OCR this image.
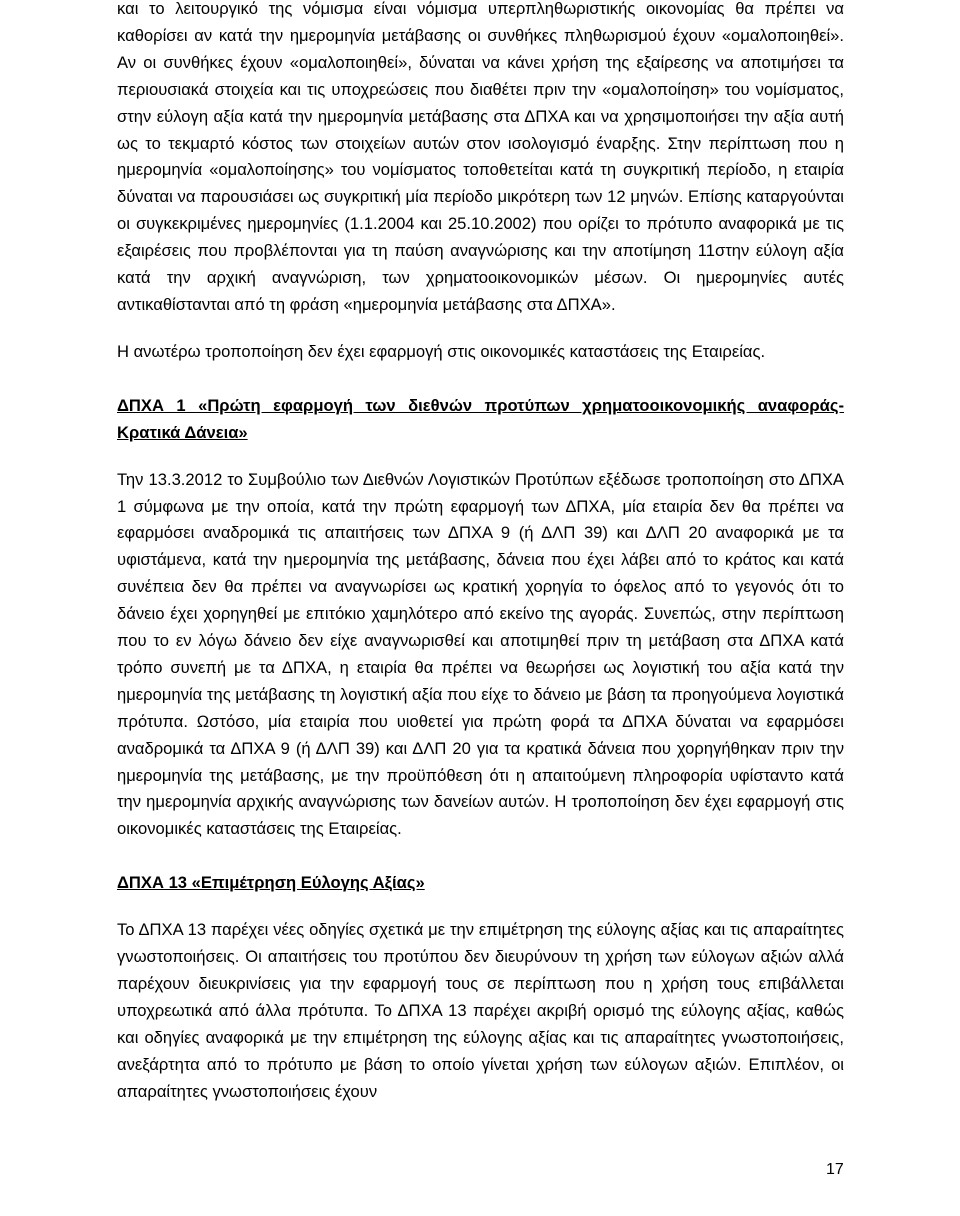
και το λειτουργικό της νόμισμα είναι νόμισμα υπερπληθωριστικής οικονομίας θα πρέπει να καθορίσει αν κατά την ημερομηνία μετάβασης οι συνθήκες πληθωρισμού έχουν «ομαλοποιηθεί». Αν οι συνθήκες έχουν «ομαλοποιηθεί», δύναται να κάνει χρήση της εξαίρεσης να αποτιμήσει τα περιουσιακά στοιχεία και τις υποχρεώσεις που διαθέτει πριν την «ομαλοποίηση» του νομίσματος, στην εύλογη αξία κατά την ημερομηνία μετάβασης στα ΔΠΧΑ και να χρησιμοποιήσει την αξία αυτή ως το τεκμαρτό κόστος των στοιχείων αυτών στον ισολογισμό έναρξης. Στην περίπτωση που η ημερομηνία «ομαλοποίησης» του νομίσματος τοποθετείται κατά τη συγκριτική περίοδο, η εταιρία δύναται να παρουσιάσει ως συγκριτική μία περίοδο μικρότερη των 12 μηνών. Επίσης καταργούνται οι συγκεκριμένες ημερομηνίες (1.1.2004 και 25.10.2002) που ορίζει το πρότυπο αναφορικά με τις εξαιρέσεις που προβλέπονται για τη παύση αναγνώρισης και την αποτίμηση 11στην εύλογη αξία κατά την αρχική αναγνώριση, των χρηματοοικονομικών μέσων. Οι ημερομηνίες αυτές αντικαθίστανται από τη φράση «ημερομηνία μετάβασης στα ΔΠΧΑ».

Η ανωτέρω τροποποίηση δεν έχει εφαρμογή στις οικονομικές καταστάσεις της Εταιρείας.

ΔΠΧΑ 1 «Πρώτη εφαρμογή των διεθνών προτύπων χρηματοοικονομικής αναφοράς- Κρατικά Δάνεια»

Την 13.3.2012 το Συμβούλιο των Διεθνών Λογιστικών Προτύπων εξέδωσε τροποποίηση στο ΔΠΧΑ 1 σύμφωνα με την οποία, κατά την πρώτη εφαρμογή των ΔΠΧΑ, μία εταιρία δεν θα πρέπει να εφαρμόσει αναδρομικά τις απαιτήσεις των ΔΠΧΑ 9 (ή ΔΛΠ 39) και ΔΛΠ 20 αναφορικά με τα υφιστάμενα, κατά την ημερομηνία της μετάβασης, δάνεια που έχει λάβει από το κράτος και κατά συνέπεια δεν θα πρέπει να αναγνωρίσει ως κρατική χορηγία το όφελος από το γεγονός ότι το δάνειο έχει χορηγηθεί με επιτόκιο χαμηλότερο από εκείνο της αγοράς. Συνεπώς, στην περίπτωση που το εν λόγω δάνειο δεν είχε αναγνωρισθεί και αποτιμηθεί πριν τη μετάβαση στα ΔΠΧΑ κατά τρόπο συνεπή με τα ΔΠΧΑ, η εταιρία θα πρέπει να θεωρήσει ως λογιστική του αξία κατά την ημερομηνία της μετάβασης τη λογιστική αξία που είχε το δάνειο με βάση τα προηγούμενα λογιστικά πρότυπα. Ωστόσο, μία εταιρία που υιοθετεί για πρώτη φορά τα ΔΠΧΑ δύναται να εφαρμόσει αναδρομικά τα ΔΠΧΑ 9 (ή ΔΛΠ 39) και ΔΛΠ 20 για τα κρατικά δάνεια που χορηγήθηκαν πριν την ημερομηνία της μετάβασης, με την προϋπόθεση ότι η απαιτούμενη πληροφορία υφίσταντο κατά την ημερομηνία αρχικής αναγνώρισης των δανείων αυτών. Η τροποποίηση δεν έχει εφαρμογή στις οικονομικές καταστάσεις της Εταιρείας.

ΔΠΧΑ 13 «Επιμέτρηση Εύλογης Αξίας»

Το ΔΠΧΑ 13 παρέχει νέες οδηγίες σχετικά με την επιμέτρηση της εύλογης αξίας και τις απαραίτητες γνωστοποιήσεις. Οι απαιτήσεις του προτύπου δεν διευρύνουν τη χρήση των εύλογων αξιών αλλά παρέχουν διευκρινίσεις για την εφαρμογή τους σε περίπτωση που η χρήση τους επιβάλλεται υποχρεωτικά από άλλα πρότυπα. Το ΔΠΧΑ 13 παρέχει ακριβή ορισμό της εύλογης αξίας, καθώς και οδηγίες αναφορικά με την επιμέτρηση της εύλογης αξίας και τις απαραίτητες γνωστοποιήσεις, ανεξάρτητα από το πρότυπο με βάση το οποίο γίνεται χρήση των εύλογων αξιών. Επιπλέον, οι απαραίτητες γνωστοποιήσεις έχουν

17
